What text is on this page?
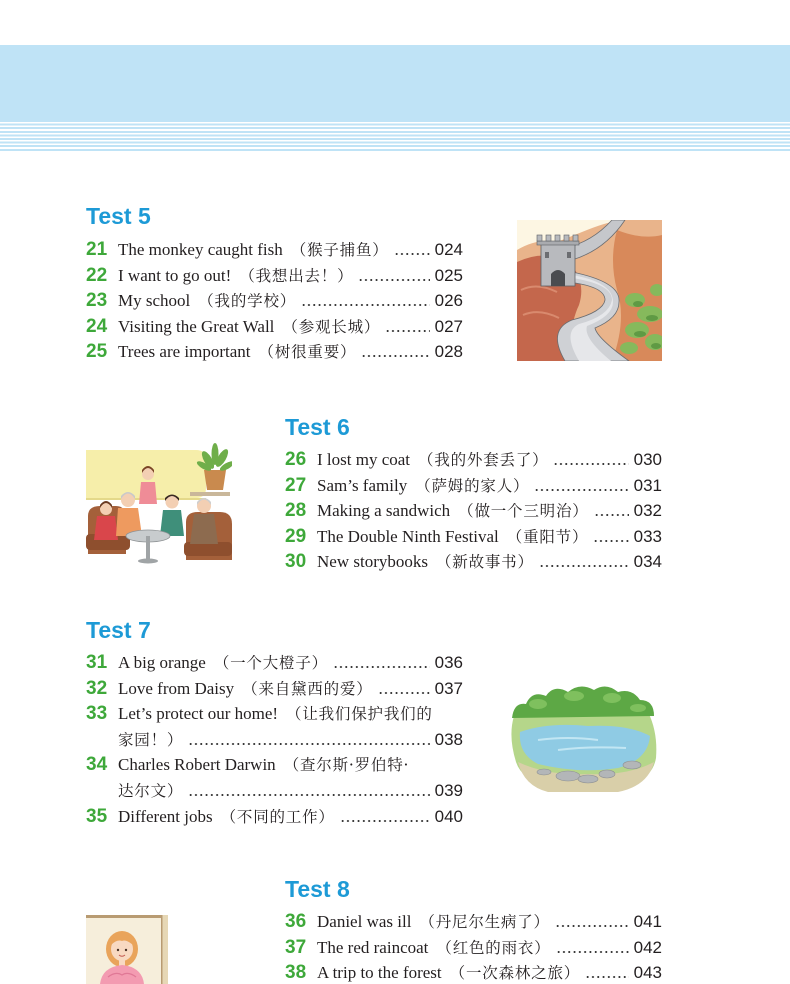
Test 5
21 The monkey caught fish （猴子捕鱼）	024
22 I want to go out! （我想出去！）	025
23 My school （我的学校）	026
24 Visiting the Great Wall （参观长城）	027
25 Trees are important （树很重要）	028
Test 6
26 I lost my coat （我的外套丢了）	030
27 Sam’s family （萨姆的家人）	031
28 Making a sandwich （做一个三明治）	032
29 The Double Ninth Festival （重阳节）	033
30 New storybooks （新故事书）	034
Test 7
31 A big orange （一个大橙子）	036
32 Love from Daisy （来自黛西的爱）	037
33 Let’s protect our home! （让我们保护我们的
家园！）	038
34 Charles Robert Darwin （查尔斯·罗伯特·
达尔文）	039
35 Different jobs （不同的工作）	040
Test 8
36 Daniel was ill （丹尼尔生病了）	041
37 The red raincoat （红色的雨衣）	042
38 A trip to the forest （一次森林之旅）	043
